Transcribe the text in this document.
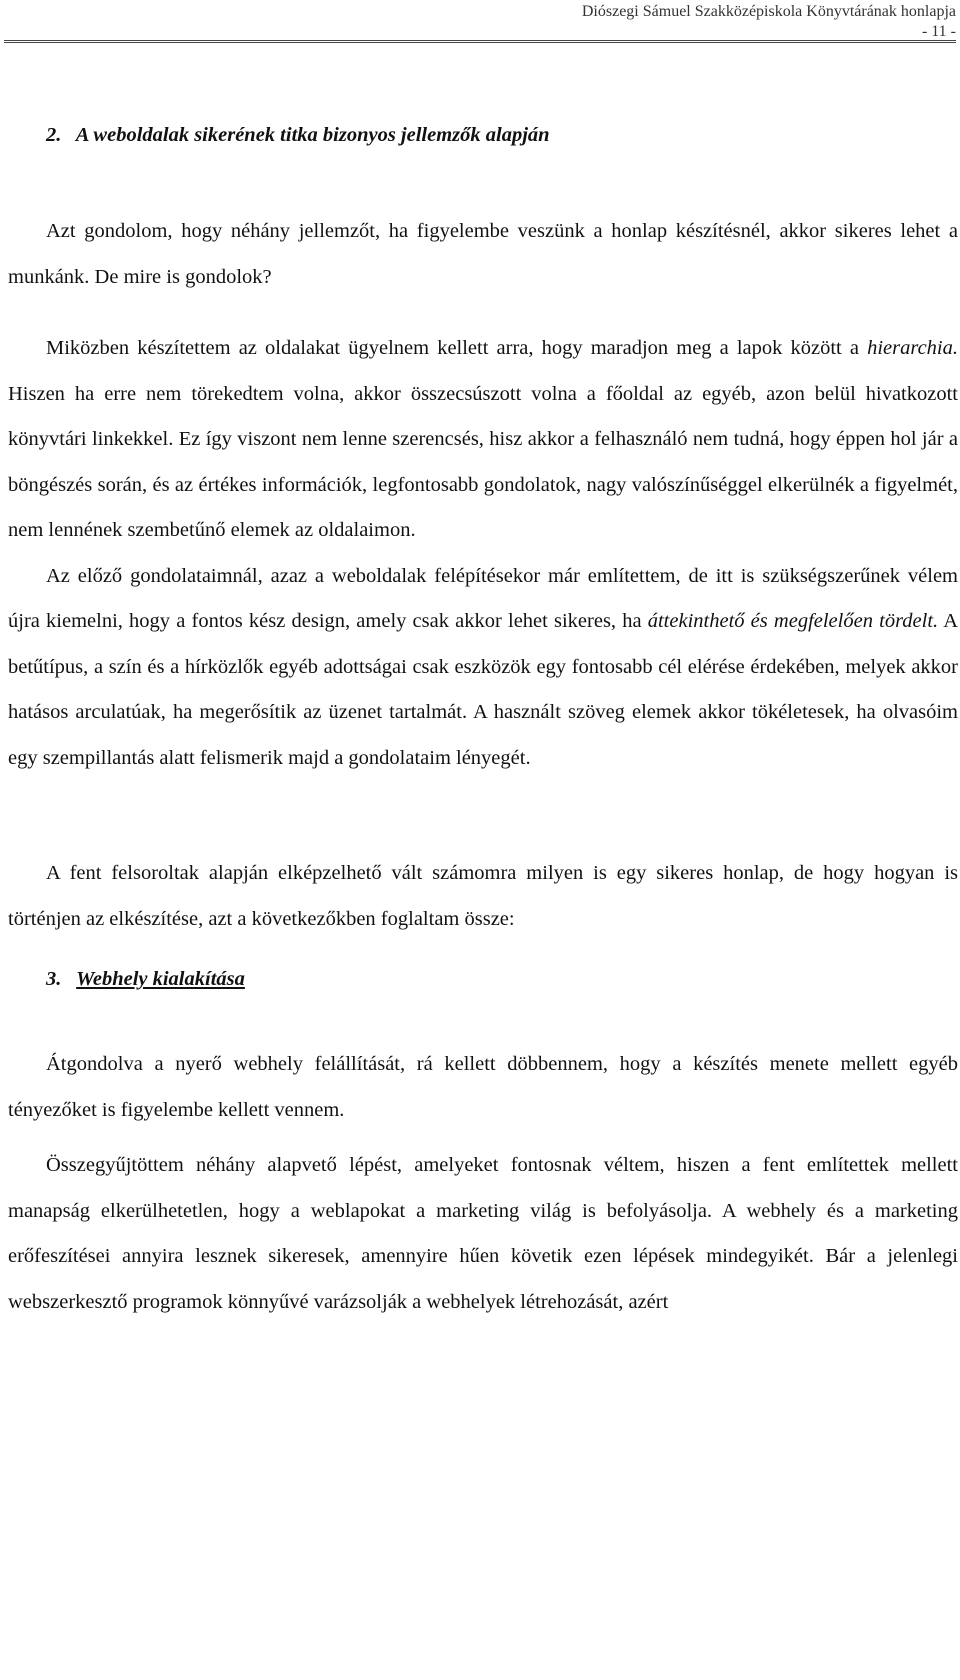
Diószegi Sámuel Szakközépiskola Könyvtárának honlapja
- 11 -
2. A weboldalak sikerének titka bizonyos jellemzők alapján

Azt gondolom, hogy néhány jellemzőt, ha figyelembe veszünk a honlap készítésnél, akkor sikeres lehet a munkánk. De mire is gondolok?

Miközben készítettem az oldalakat ügyelnem kellett arra, hogy maradjon meg a lapok között a hierarchia. Hiszen ha erre nem törekedtem volna, akkor összecsúszott volna a főoldal az egyéb, azon belül hivatkozott könyvtári linkekkel. Ez így viszont nem lenne szerencsés, hisz akkor a felhasználó nem tudná, hogy éppen hol jár a böngészés során, és az értékes információk, legfontosabb gondolatok, nagy valószínűséggel elkerülnék a figyelmét, nem lennének szembetűnő elemek az oldalaimon.

Az előző gondolataimnál, azaz a weboldalak felépítésekor már említettem, de itt is szükségszerűnek vélem újra kiemelni, hogy a fontos kész design, amely csak akkor lehet sikeres, ha áttekinthető és megfelelően tördelt. A betűtípus, a szín és a hírközlők egyéb adottságai csak eszközök egy fontosabb cél elérése érdekében, melyek akkor hatásos arculatúak, ha megerősítik az üzenet tartalmát. A használt szöveg elemek akkor tökéletesek, ha olvasóim egy szempillantás alatt felismerik majd a gondolataim lényegét.

A fent felsoroltak alapján elképzelhető vált számomra milyen is egy sikeres honlap, de hogy hogyan is történjen az elkészítése, azt a következőkben foglaltam össze:

3. Webhely kialakítása

Átgondolva a nyerő webhely felállítását, rá kellett döbbennem, hogy a készítés menete mellett egyéb tényezőket is figyelembe kellett vennem.

Összegyűjtöttem néhány alapvető lépést, amelyeket fontosnak véltem, hiszen a fent említettek mellett manapság elkerülhetetlen, hogy a weblapokat a marketing világ is befolyásolja. A webhely és a marketing erőfeszítései annyira lesznek sikeresek, amennyire hűen követik ezen lépések mindegyikét. Bár a jelenlegi webszerkesztő programok könnyűvé varázsolják a webhelyek létrehozását, azért
